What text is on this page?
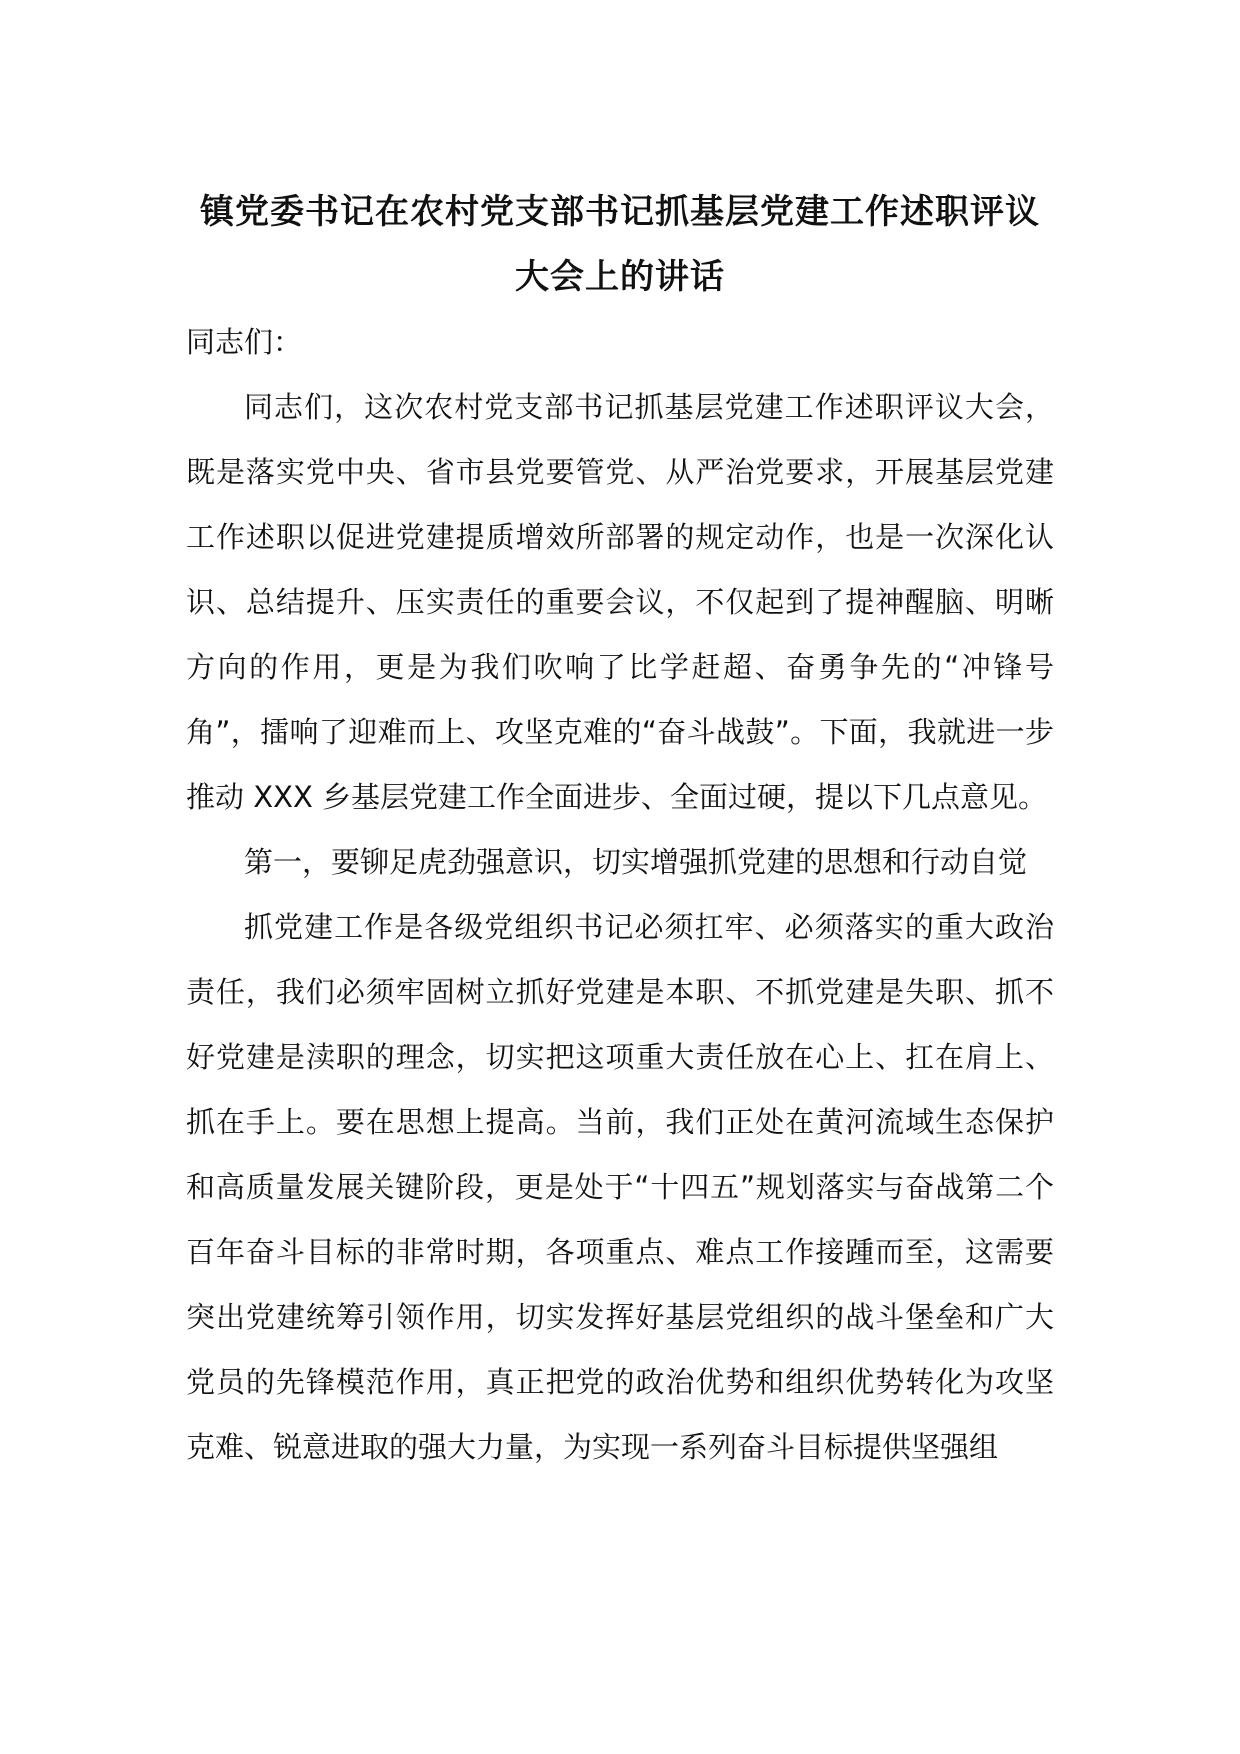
镇党委书记在农村党支部书记抓基层党建工作述职评议大会上的讲话

同志们：

同志们，这次农村党支部书记抓基层党建工作述职评议大会，既是落实党中央、省市县党要管党、从严治党要求，开展基层党建工作述职以促进党建提质增效所部署的规定动作，也是一次深化认识、总结提升、压实责任的重要会议，不仅起到了提神醒脑、明晰方向的作用，更是为我们吹响了比学赶超、奋勇争先的“冲锋号角”，擂响了迎难而上、攻坚克难的“奋斗战鼓”。下面，我就进一步推动 XXX 乡基层党建工作全面进步、全面过硬，提以下几点意见。

第一，要铆足虎劲强意识，切实增强抓党建的思想和行动自觉

抓党建工作是各级党组织书记必须扛牢、必须落实的重大政治责任，我们必须牢固树立抓好党建是本职、不抓党建是失职、抓不好党建是渎职的理念，切实把这项重大责任放在心上、扛在肩上、抓在手上。要在思想上提高。当前，我们正处在黄河流域生态保护和高质量发展关键阶段，更是处于“十四五”规划落实与奋战第二个百年奋斗目标的非常时期，各项重点、难点工作接踵而至，这需要突出党建统筹引领作用，切实发挥好基层党组织的战斗堡垒和广大党员的先锋模范作用，真正把党的政治优势和组织优势转化为攻坚克难、锐意进取的强大力量，为实现一系列奋斗目标提供坚强组
